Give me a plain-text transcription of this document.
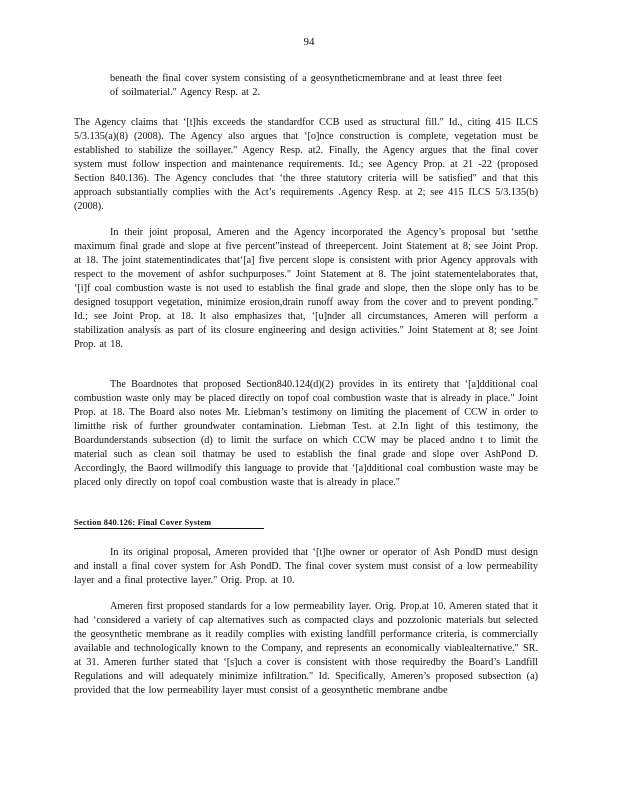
94

beneath the final cover system consisting of a geosyntheticmembrane and at least three feet of soilmaterial." Agency Resp. at 2.

The Agency claims that ‘[t]his exceeds the standardfor CCB used as structural fill." Id., citing 415 ILCS 5/3.135(a)(8) (2008). The Agency also argues that ‘[o]nce construction is complete, vegetation must be established to stabilize the soillayer." Agency Resp. at2. Finally, the Agency argues that the final cover system must follow inspection and maintenance requirements. Id.; see Agency Prop. at 21 -22 (proposed Section 840.136). The Agency concludes that ‘the three statutory criteria will be satisfied" and that this approach substantially complies with the Act’s requirements .Agency Resp. at 2; see 415 ILCS 5/3.135(b) (2008).

In their joint proposal, Ameren and the Agency incorporated the Agency’s proposal but ‘setthe maximum final grade and slope at five percent"instead of threepercent. Joint Statement at 8; see Joint Prop. at 18. The joint statementindicates that‘[a] five percent slope is consistent with prior Agency approvals with respect to the movement of ashfor suchpurposes." Joint Statement at 8. The joint statementelaborates that, ‘[i]f coal combustion waste is not used to establish the final grade and slope, then the slope only has to be designed tosupport vegetation, minimize erosion,drain runoff away from the cover and to prevent ponding." Id.; see Joint Prop. at 18. It also emphasizes that, ‘[u]nder all circumstances, Ameren will perform a stabilization analysis as part of its closure engineering and design activities." Joint Statement at 8; see Joint Prop. at 18.

The Boardnotes that proposed Section840.124(d)(2) provides in its entirety that ‘[a]dditional coal combustion waste only may be placed directly on topof coal combustion waste that is already in place." Joint Prop. at 18. The Board also notes Mr. Liebman’s testimony on limiting the placement of CCW in order to limitthe risk of further groundwater contamination. Liebman Test. at 2.In light of this testimony, the Boardunderstands subsection (d) to limit the surface on which CCW may be placed andno t to limit the material such as clean soil thatmay be used to establish the final grade and slope over AshPond D. Accordingly, the Baord willmodify this language to provide that ‘[a]dditional coal combustion waste may be placed only directly on topof coal combustion waste that is already in place."

Section 840.126: Final Cover System

In its original proposal, Ameren provided that ‘[t]he owner or operator of Ash PondD must design and install a final cover system for Ash PondD. The final cover system must consist of a low permeability layer and a final protective layer." Orig. Prop. at 10.

Ameren first proposed standards for a low permeability layer. Orig. Prop.at 10. Ameren stated that it had ‘considered a variety of cap alternatives such as compacted clays and pozzolonic materials but selected the geosynthetic membrane as it readily complies with existing landfill performance criteria, is commercially available and technologically known to the Company, and represents an economically viablealternative." SR. at 31. Ameren further stated that ‘[s]uch a cover is consistent with those requiredby the Board’s Landfill Regulations and will adequately minimize infiltration." Id. Specifically, Ameren’s proposed subsection (a) provided that the low permeability layer must consist of a geosynthetic membrane andbe
